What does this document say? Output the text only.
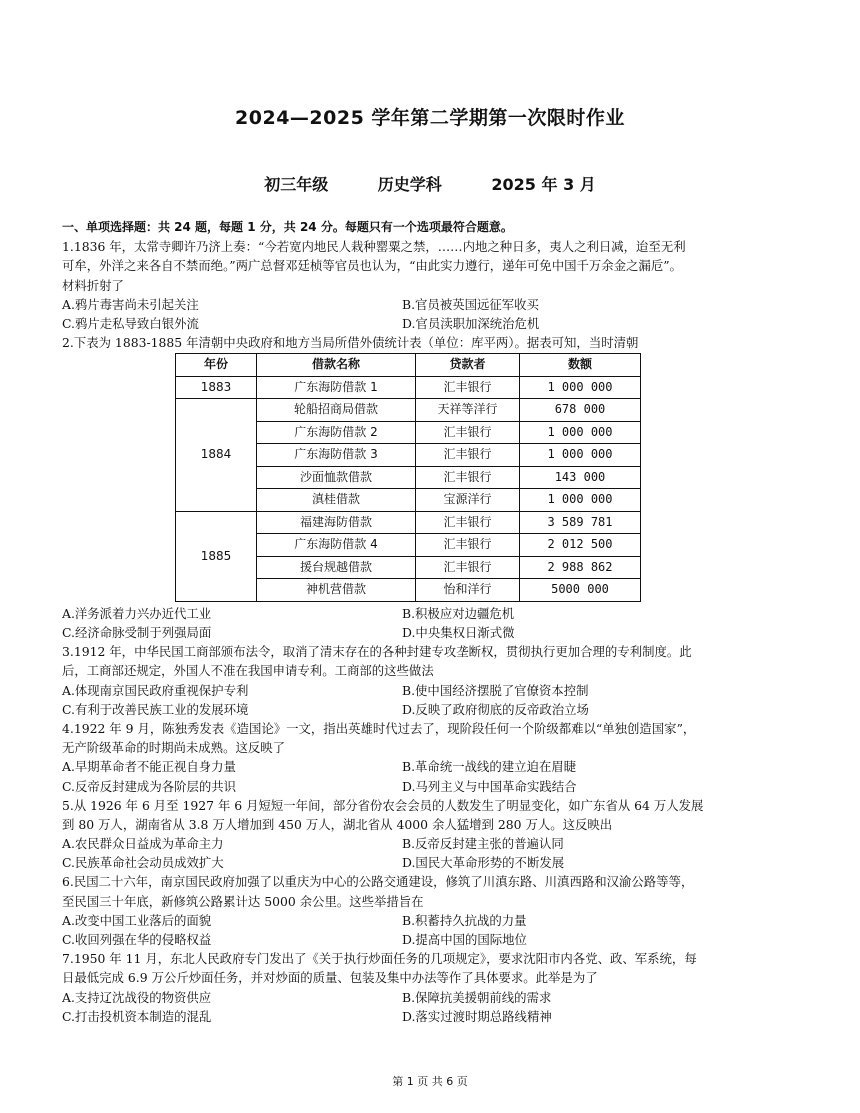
2024—2025 学年第二学期第一次限时作业
初三年级	历史学科	2025 年 3 月
一、单项选择题：共 24 题，每题 1 分，共 24 分。每题只有一个选项最符合题意。
1.1836 年，太常寺卿许乃济上奏：“今若宽内地民人栽种罂粟之禁，……内地之种日多，夷人之利日减，迨至无利
可牟，外洋之来各自不禁而绝。”两广总督邓廷桢等官员也认为，“由此实力遵行，递年可免中国千万余金之漏卮”。
材料折射了
A.鸦片毒害尚未引起关注	B.官员被英国远征军收买
C.鸦片走私导致白银外流	D.官员渎职加深统治危机
2.下表为 1883-1885 年清朝中央政府和地方当局所借外债统计表（单位：库平两）。据表可知，当时清朝
年份	借款名称	贷款者	数额
1883	广东海防借款 1	汇丰银行	1 000 000
1884	轮船招商局借款	天祥等洋行	678 000
	广东海防借款 2	汇丰银行	1 000 000
	广东海防借款 3	汇丰银行	1 000 000
	沙面恤款借款	汇丰银行	143 000
	滇桂借款	宝源洋行	1 000 000
1885	福建海防借款	汇丰银行	3 589 781
	广东海防借款 4	汇丰银行	2 012 500
	援台规越借款	汇丰银行	2 988 862
	神机营借款	怡和洋行	5000 000
A.洋务派着力兴办近代工业	B.积极应对边疆危机
C.经济命脉受制于列强局面	D.中央集权日渐式微
3.1912 年，中华民国工商部颁布法令，取消了清末存在的各种封建专攻垄断权，贯彻执行更加合理的专利制度。此
后，工商部还规定，外国人不准在我国申请专利。工商部的这些做法
A.体现南京国民政府重视保护专利	B.使中国经济摆脱了官僚资本控制
C.有利于改善民族工业的发展环境	D.反映了政府彻底的反帝政治立场
4.1922 年 9 月，陈独秀发表《造国论》一文，指出英雄时代过去了，现阶段任何一个阶级都难以“单独创造国家”，
无产阶级革命的时期尚未成熟。这反映了
A.早期革命者不能正视自身力量	B.革命统一战线的建立迫在眉睫
C.反帝反封建成为各阶层的共识	D.马列主义与中国革命实践结合
5.从 1926 年 6 月至 1927 年 6 月短短一年间，部分省份农会会员的人数发生了明显变化，如广东省从 64 万人发展
到 80 万人，湖南省从 3.8 万人增加到 450 万人，湖北省从 4000 余人猛增到 280 万人。这反映出
A.农民群众日益成为革命主力	B.反帝反封建主张的普遍认同
C.民族革命社会动员成效扩大	D.国民大革命形势的不断发展
6.民国二十六年，南京国民政府加强了以重庆为中心的公路交通建设，修筑了川滇东路、川滇西路和汉渝公路等等，
至民国三十年底，新修筑公路累计达 5000 余公里。这些举措旨在
A.改变中国工业落后的面貌	B.积蓄持久抗战的力量
C.收回列强在华的侵略权益	D.提高中国的国际地位
7.1950 年 11 月，东北人民政府专门发出了《关于执行炒面任务的几项规定》，要求沈阳市内各党、政、军系统，每
日最低完成 6.9 万公斤炒面任务，并对炒面的质量、包装及集中办法等作了具体要求。此举是为了
A.支持辽沈战役的物资供应	B.保障抗美援朝前线的需求
C.打击投机资本制造的混乱	D.落实过渡时期总路线精神
第 1 页 共 6 页
